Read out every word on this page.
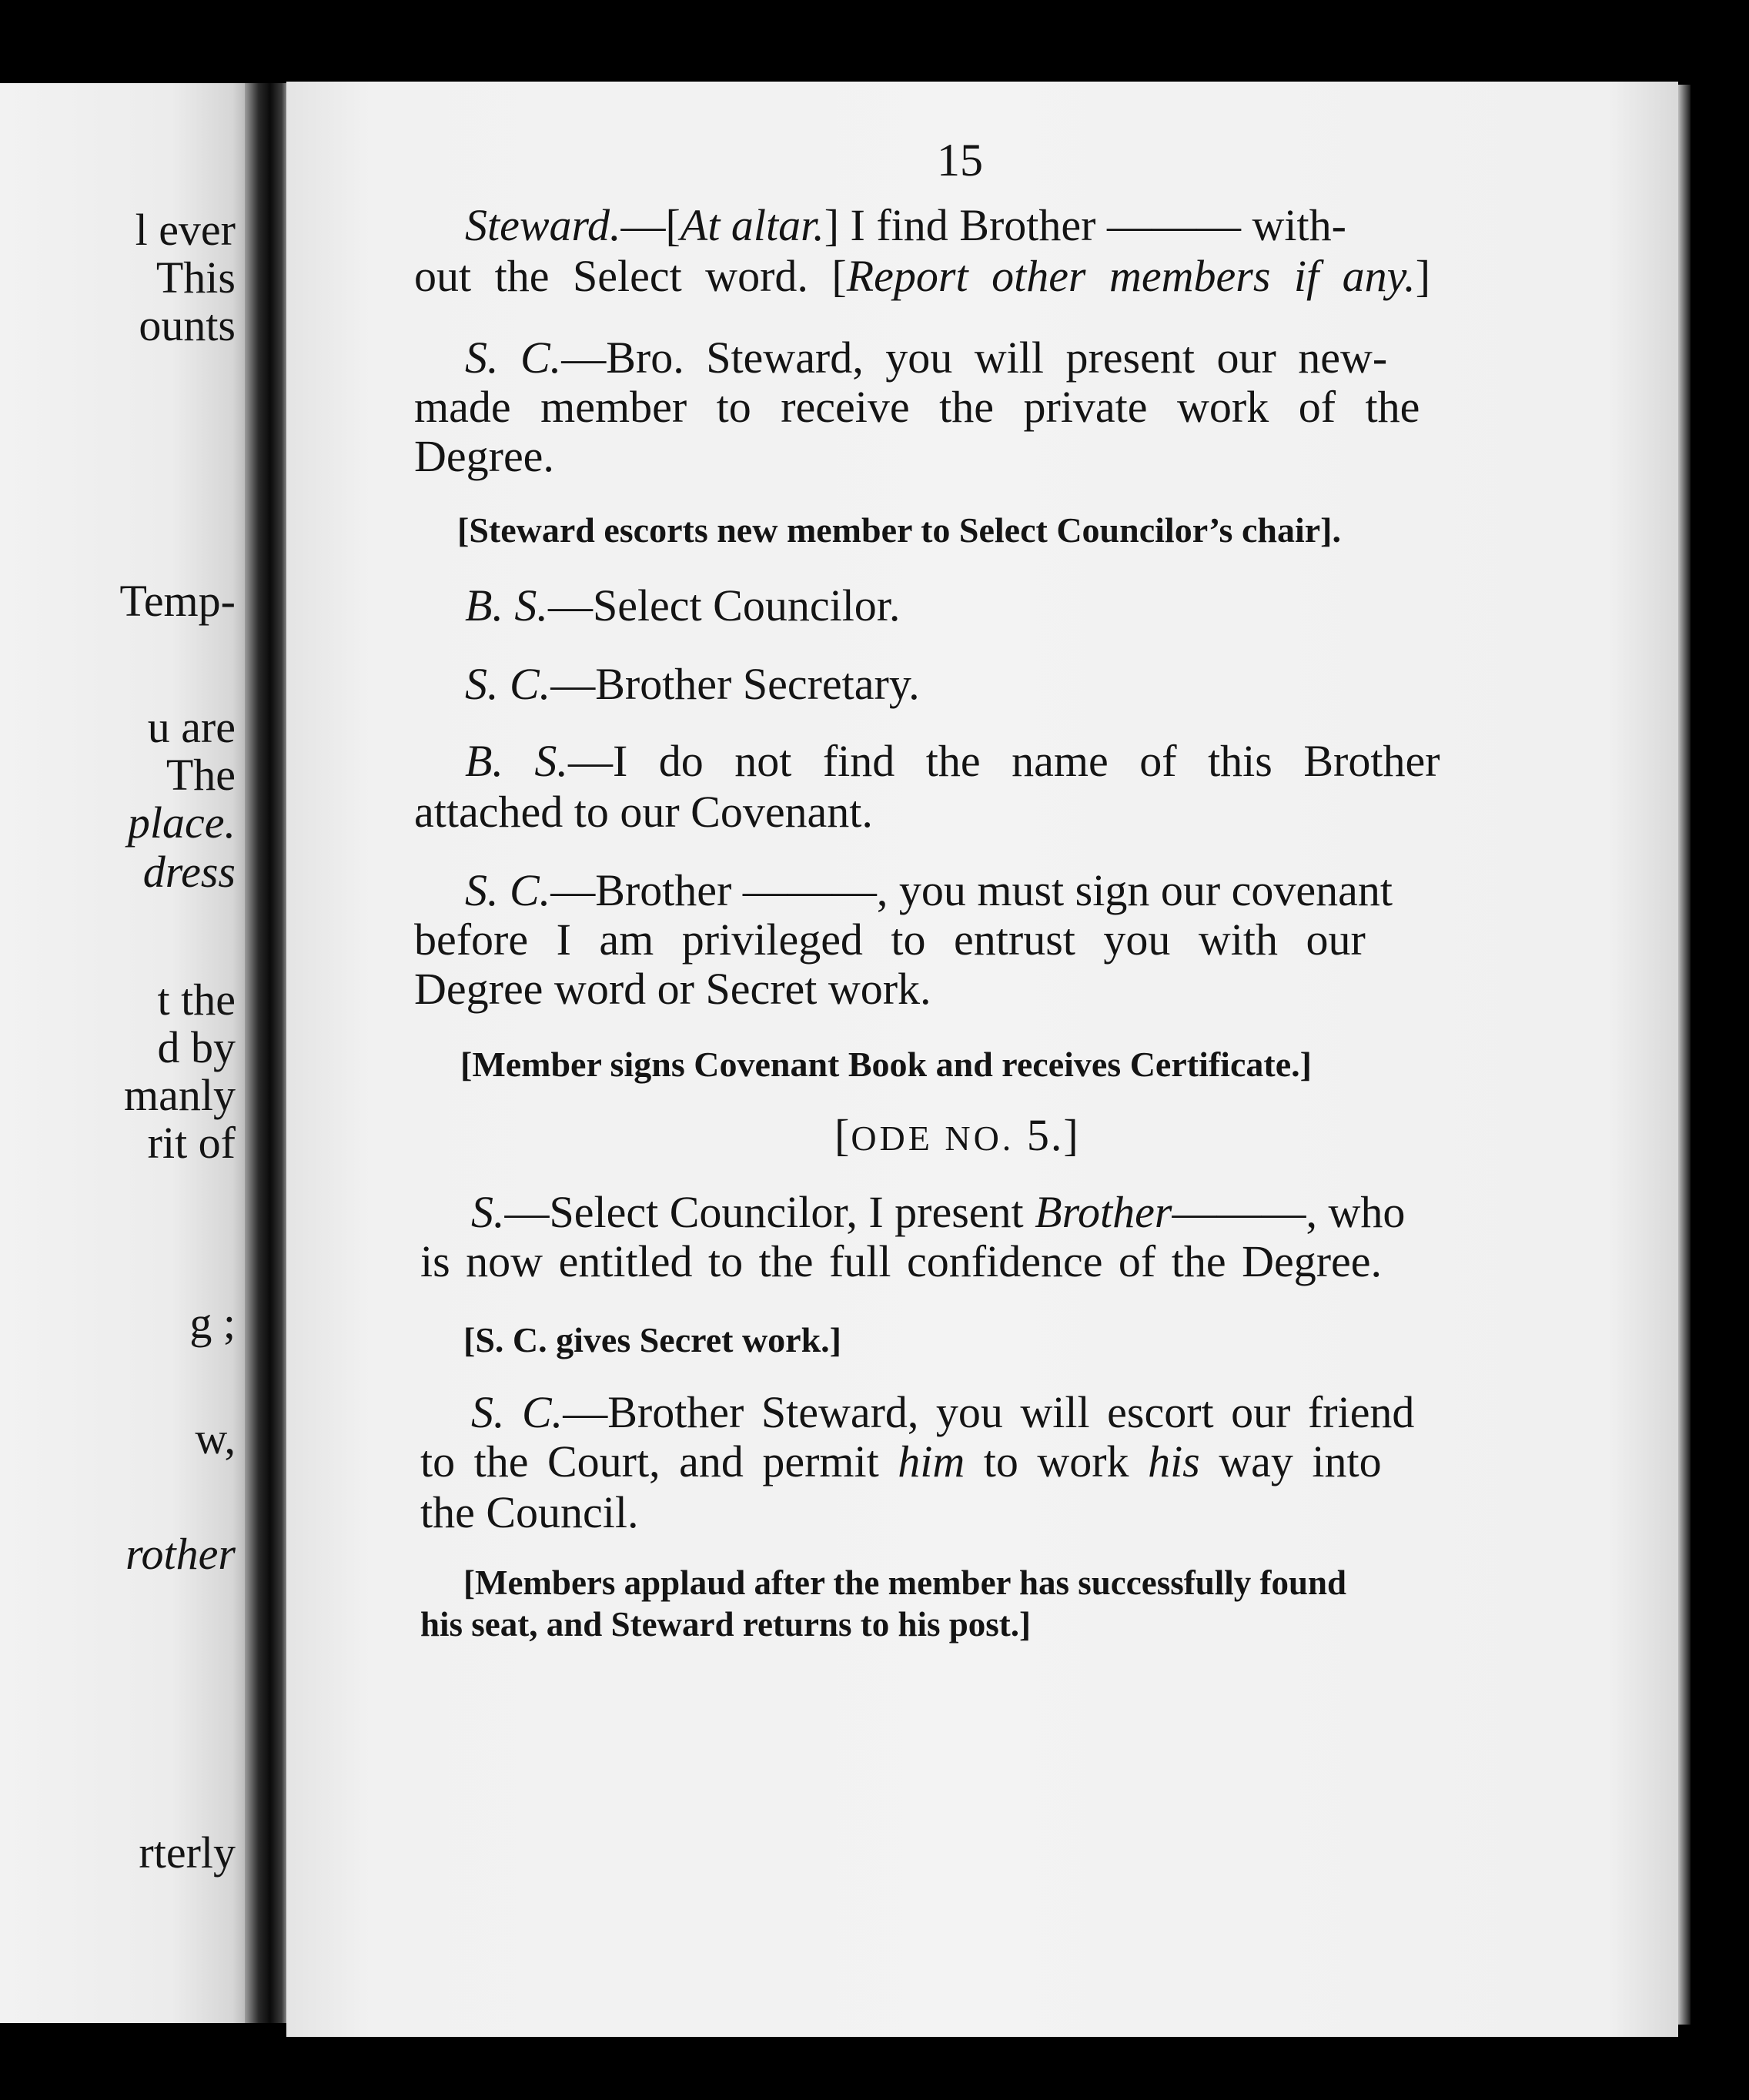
l ever
This
ounts
Temp-
u are
The
place.
dress
t the
d by
manly
rit of
g ;
w,
rother
rterly
15
Steward.—[At altar.] I find Brother ——— with-
out the Select word. [Report other members if any.]
S. C.—Bro. Steward, you will present our new-
made member to receive the private work of the
Degree.
[Steward escorts new member to Select Councilor’s chair].
B. S.—Select Councilor.
S. C.—Brother Secretary.
B. S.—I do not find the name of this Brother
attached to our Covenant.
S. C.—Brother ———, you must sign our covenant
before I am privileged to entrust you with our
Degree word or Secret work.
[Member signs Covenant Book and receives Certificate.]
[ODE NO. 5.]
S.—Select Councilor, I present Brother———, who
is now entitled to the full confidence of the Degree.
[S. C. gives Secret work.]
S. C.—Brother Steward, you will escort our friend
to the Court, and permit him to work his way into
the Council.
[Members applaud after the member has successfully found
his seat, and Steward returns to his post.]
